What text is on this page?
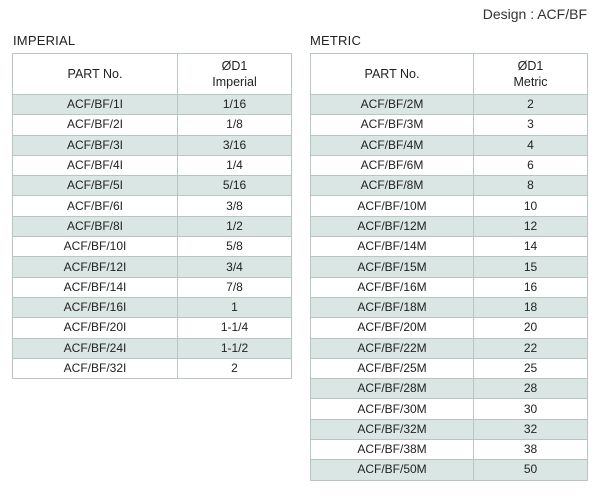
Design : ACF/BF
IMPERIAL	METRIC
PART No.	ØD1
Imperial

ACF/BF/1I	1/16
ACF/BF/2I	1/8
ACF/BF/3I	3/16
ACF/BF/4I	1/4
ACF/BF/5I	5/16
ACF/BF/6I	3/8
ACF/BF/8I	1/2
ACF/BF/10I	5/8
ACF/BF/12I	3/4
ACF/BF/14I	7/8
ACF/BF/16I	1
ACF/BF/20I	1-1/4
ACF/BF/24I	1-1/2
ACF/BF/32I	2
PART No.	ØD1
Metric

ACF/BF/2M	2
ACF/BF/3M	3
ACF/BF/4M	4
ACF/BF/6M	6
ACF/BF/8M	8
ACF/BF/10M	10
ACF/BF/12M	12
ACF/BF/14M	14
ACF/BF/15M	15
ACF/BF/16M	16
ACF/BF/18M	18
ACF/BF/20M	20
ACF/BF/22M	22
ACF/BF/25M	25
ACF/BF/28M	28
ACF/BF/30M	30
ACF/BF/32M	32
ACF/BF/38M	38
ACF/BF/50M	50
